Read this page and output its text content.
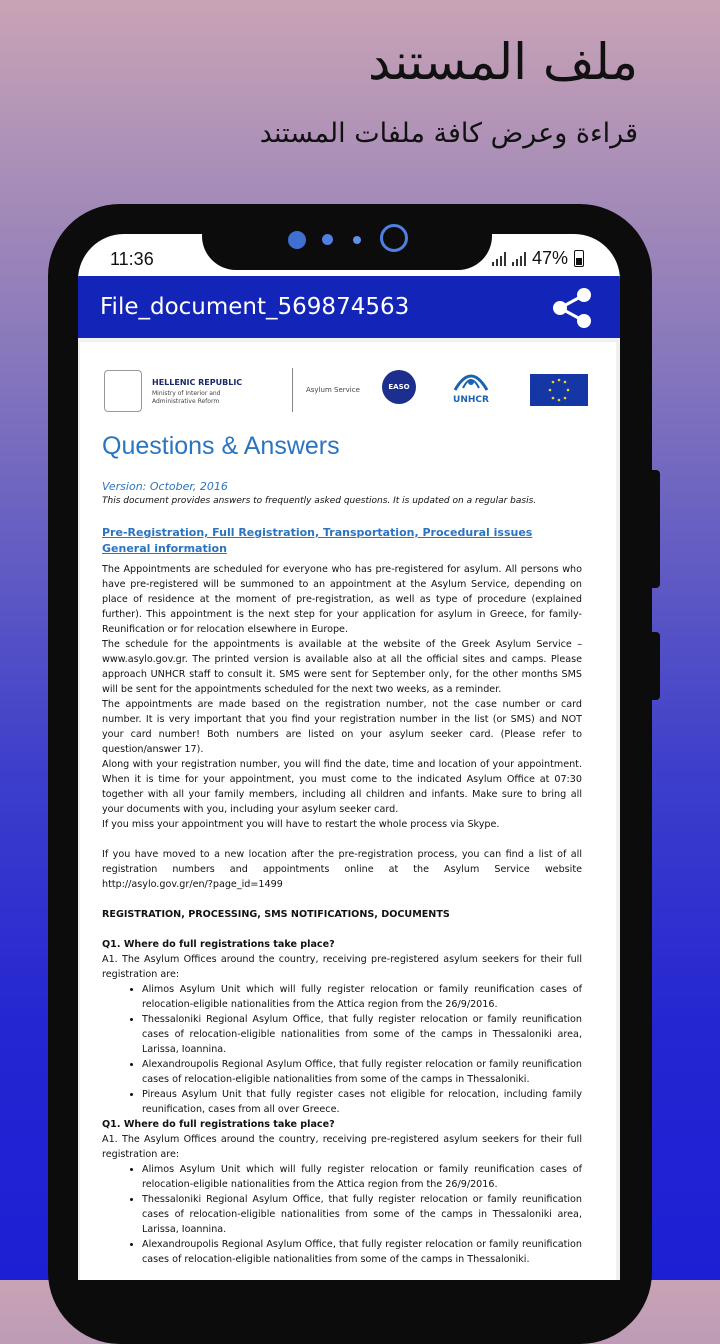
ملف المستند
قراءة وعرض كافة ملفات المستند
11:36	47%
File_document_569874563
HELLENIC REPUBLIC
Ministry of Interior and
Administrative Reform
Asylum Service	EASO
UNHCR
Questions & Answers
Version: October, 2016
This document provides answers to frequently asked questions. It is updated on a regular basis.
Pre-Registration, Full Registration, Transportation, Procedural issues
General information

The Appointments are scheduled for everyone who has pre-registered for asylum. All persons who have pre-registered will be summoned to an appointment at the Asylum Service, depending on place of residence at the moment of pre-registration, as well as type of procedure (explained further). This appointment is the next step for your application for asylum in Greece, for family-Reunification or for relocation elsewhere in Europe.

The schedule for the appointments is available at the website of the Greek Asylum Service – www.asylo.gov.gr. The printed version is available also at all the official sites and camps. Please approach UNHCR staff to consult it. SMS were sent for September only, for the other months SMS will be sent for the appointments scheduled for the next two weeks, as a reminder.

The appointments are made based on the registration number, not the case number or card number. It is very important that you find your registration number in the list (or SMS) and NOT your card number! Both numbers are listed on your asylum seeker card. (Please refer to question/answer 17).

Along with your registration number, you will find the date, time and location of your appointment. When it is time for your appointment, you must come to the indicated Asylum Office at 07:30 together with all your family members, including all children and infants. Make sure to bring all your documents with you, including your asylum seeker card.

If you miss your appointment you will have to restart the whole process via Skype.

If you have moved to a new location after the pre-registration process, you can find a list of all registration numbers and appointments online at the Asylum Service website http://asylo.gov.gr/en/?page_id=1499

REGISTRATION, PROCESSING, SMS NOTIFICATIONS, DOCUMENTS

Q1. Where do full registrations take place?

A1. The Asylum Offices around the country, receiving pre-registered asylum seekers for their full registration are:

• Alimos Asylum Unit which will fully register relocation or family reunification cases of relocation-eligible nationalities from the Attica region from the 26/9/2016.
• Thessaloniki Regional Asylum Office, that fully register relocation or family reunification cases of relocation-eligible nationalities from some of the camps in Thessaloniki area, Larissa, Ioannina.
• Alexandroupolis Regional Asylum Office, that fully register relocation or family reunification cases of relocation-eligible nationalities from some of the camps in Thessaloniki.
• Pireaus Asylum Unit that fully register cases not eligible for relocation, including family reunification, cases from all over Greece.

Q1. Where do full registrations take place?

A1. The Asylum Offices around the country, receiving pre-registered asylum seekers for their full registration are:

• Alimos Asylum Unit which will fully register relocation or family reunification cases of relocation-eligible nationalities from the Attica region from the 26/9/2016.
• Thessaloniki Regional Asylum Office, that fully register relocation or family reunification cases of relocation-eligible nationalities from some of the camps in Thessaloniki area, Larissa, Ioannina.
• Alexandroupolis Regional Asylum Office, that fully register relocation or family reunification cases of relocation-eligible nationalities from some of the camps in Thessaloniki.
